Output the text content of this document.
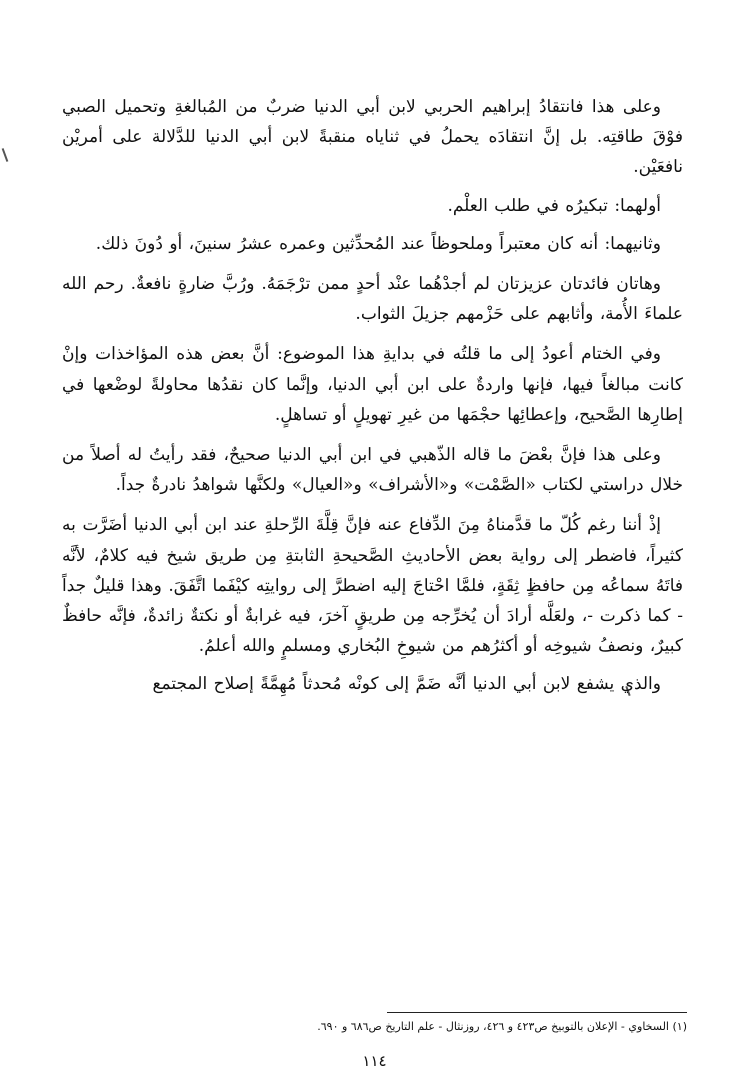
وعلى هذا فانتقادُ إبراهيم الحربي لابن أبي الدنيا ضربٌ من المُبالغةِ وتحميل الصبي فوْقَ طاقتِه. بل إنَّ انتقادَه يحملُ في ثناياه منقبةً لابن أبي الدنيا للدَّلالة على أمريْن نافعَيْن.

أولهما: تبكيرُه في طلب العلْم.

وثانيهما: أنه كان معتبراً وملحوظاً عند المُحدِّثين وعمره عشرُ سنينَ، أو دُونَ ذلك.

وهاتان فائدتان عزيزتان لم أجدْهُما عنْد أحدٍ ممن ترْجَمَهُ. ورُبَّ ضارةٍ نافعةٌ. رحم الله علماءَ الأُمة، وأثابهم على حَزْمهم جزيلَ الثواب.

وفي الختام أعودُ إلى ما قلتُه في بدايةِ هذا الموضوع: أنَّ بعض هذه المؤاخذات وإنْ كانت مبالغاً فيها، فإنها واردةٌ على ابن أبي الدنيا، وإنَّما كان نقدُها محاولةً لوضْعها في إطارِها الصَّحيح، وإعطائِها حجْمَها من غيرِ تهويلٍ أو تساهلٍ.

وعلى هذا فإنَّ بعْضَ ما قاله الذّهبي في ابن أبي الدنيا صحيحٌ، فقد رأيتُ له أصلاً من خلال دراستي لكتاب «الصَّمْت» و«الأشراف» و«العيال» ولكنَّها شواهدُ نادرةٌ جداً.

إذْ أننا رغم كُلّ ما قدَّمناهُ مِنَ الدِّفاع عنه فإنَّ قِلَّةَ الرِّحلةِ عند ابن أبي الدنيا أضَرَّت به كثيراً، فاضطر إلى رواية بعض الأحاديثِ الصَّحيحةِ الثابتةِ مِن طريق شيخ فيه كلامٌ، لأنَّه فاتَهُ سماعُه مِن حافظٍ ثِقَةٍ، فلمَّا احْتاجَ إليه اضطرَّ إلى روايتِه كيْفَما اتَّفَقَ. وهذا قليلٌ جداً - كما ذكرت -، ولعَلَّه أرادَ أن يُخرِّجه مِن طريقٍ آخرَ، فيه غرابةٌ أو نكتةٌ زائدةٌ، فإنَّه حافظٌ كبيرٌ، ونصفُ شيوخِه أو أكثرُهم من شيوخِ البُخاري ومسلمٍ والله أعلمُ.

والذي يشفع لابن أبي الدنيا أنَّه ضَمَّ إلى كونْه مُحدثاً مُهِمَّةً إصلاح المجتمع

(١) السخاوي - الإعلان بالتوبيخ ص٤٢٣ و ٤٢٦، روزنثال - علم التاريخ ص٦٨٦ و ٦٩٠.
١١٤
